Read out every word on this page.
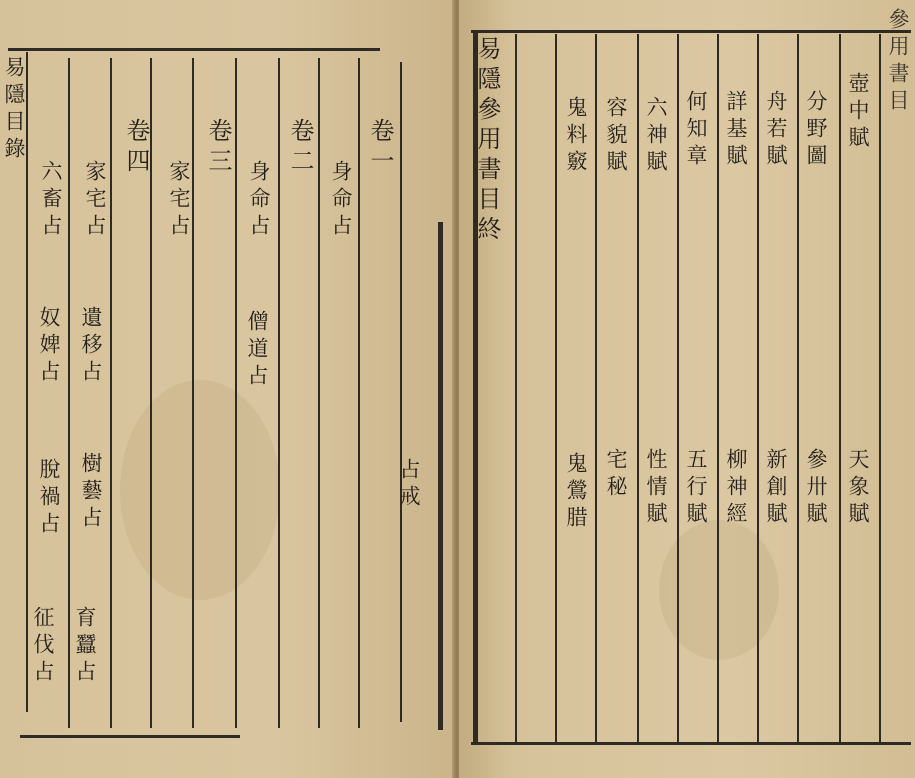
易隱目錄	卷一
身命占
卷二
身命占
僧道占
卷三
家宅占
卷四
家宅占
遺移占
樹藝占
育蠶占
六畜占
奴婢占
脫禍占
征伐占
占戒
易隱參用書目終	參用書目
壺中賦
天象賦
分野圖
參卅賦
舟若賦
新創賦
詳基賦
柳神經
何知章
五行賦
六神賦
性情賦
容貌賦
宅秘
鬼料竅
鬼鶯腊
